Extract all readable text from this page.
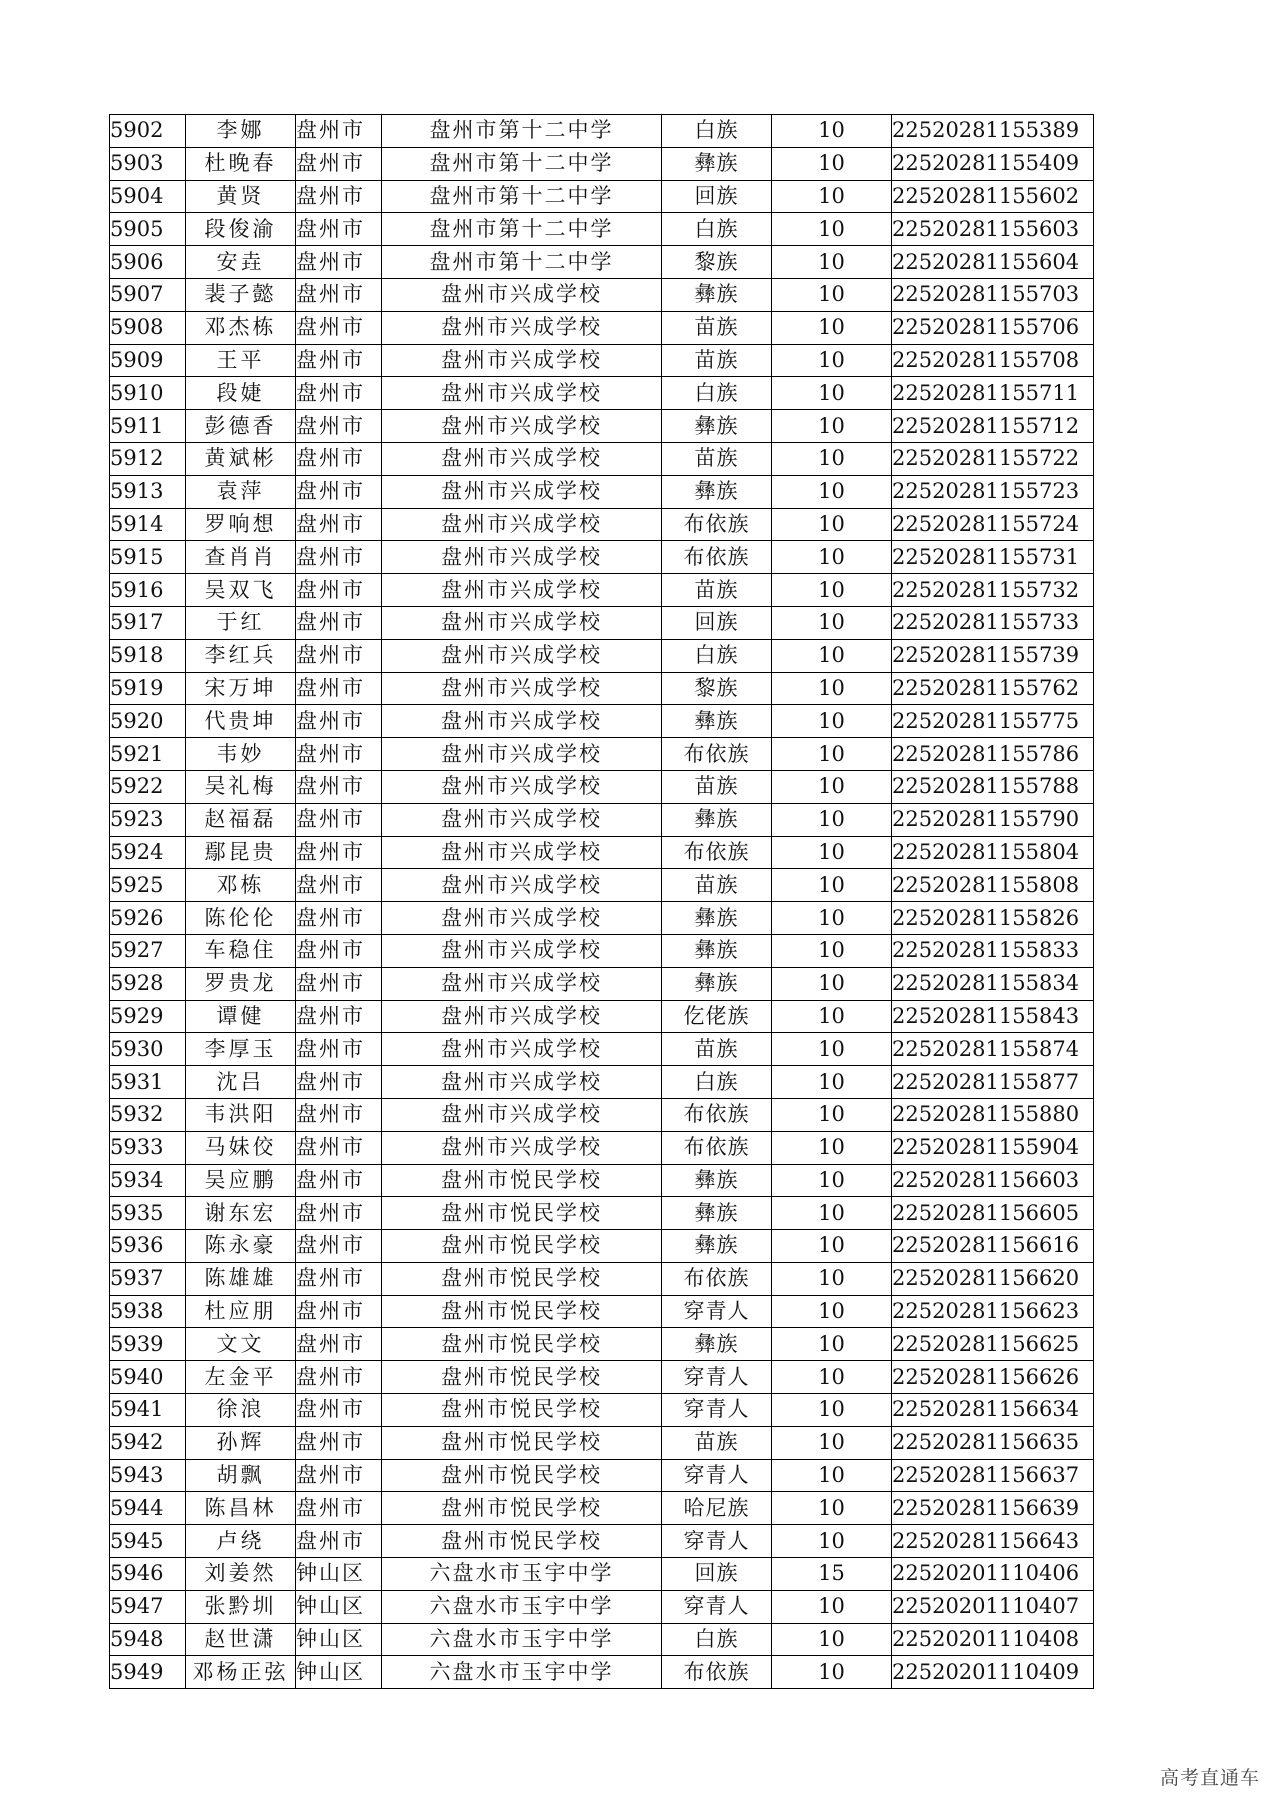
5902	李娜	盘州市	盘州市第十二中学	白族	10	22520281155389
5903	杜晚春	盘州市	盘州市第十二中学	彝族	10	22520281155409
5904	黄贤	盘州市	盘州市第十二中学	回族	10	22520281155602
5905	段俊渝	盘州市	盘州市第十二中学	白族	10	22520281155603
5906	安垚	盘州市	盘州市第十二中学	黎族	10	22520281155604
5907	裴子懿	盘州市	盘州市兴成学校	彝族	10	22520281155703
5908	邓杰栋	盘州市	盘州市兴成学校	苗族	10	22520281155706
5909	王平	盘州市	盘州市兴成学校	苗族	10	22520281155708
5910	段婕	盘州市	盘州市兴成学校	白族	10	22520281155711
5911	彭德香	盘州市	盘州市兴成学校	彝族	10	22520281155712
5912	黄斌彬	盘州市	盘州市兴成学校	苗族	10	22520281155722
5913	袁萍	盘州市	盘州市兴成学校	彝族	10	22520281155723
5914	罗响想	盘州市	盘州市兴成学校	布依族	10	22520281155724
5915	查肖肖	盘州市	盘州市兴成学校	布依族	10	22520281155731
5916	吴双飞	盘州市	盘州市兴成学校	苗族	10	22520281155732
5917	于红	盘州市	盘州市兴成学校	回族	10	22520281155733
5918	李红兵	盘州市	盘州市兴成学校	白族	10	22520281155739
5919	宋万坤	盘州市	盘州市兴成学校	黎族	10	22520281155762
5920	代贵坤	盘州市	盘州市兴成学校	彝族	10	22520281155775
5921	韦妙	盘州市	盘州市兴成学校	布依族	10	22520281155786
5922	吴礼梅	盘州市	盘州市兴成学校	苗族	10	22520281155788
5923	赵福磊	盘州市	盘州市兴成学校	彝族	10	22520281155790
5924	鄢昆贵	盘州市	盘州市兴成学校	布依族	10	22520281155804
5925	邓栋	盘州市	盘州市兴成学校	苗族	10	22520281155808
5926	陈伦伦	盘州市	盘州市兴成学校	彝族	10	22520281155826
5927	车稳住	盘州市	盘州市兴成学校	彝族	10	22520281155833
5928	罗贵龙	盘州市	盘州市兴成学校	彝族	10	22520281155834
5929	谭健	盘州市	盘州市兴成学校	仡佬族	10	22520281155843
5930	李厚玉	盘州市	盘州市兴成学校	苗族	10	22520281155874
5931	沈吕	盘州市	盘州市兴成学校	白族	10	22520281155877
5932	韦洪阳	盘州市	盘州市兴成学校	布依族	10	22520281155880
5933	马妹佼	盘州市	盘州市兴成学校	布依族	10	22520281155904
5934	吴应鹏	盘州市	盘州市悦民学校	彝族	10	22520281156603
5935	谢东宏	盘州市	盘州市悦民学校	彝族	10	22520281156605
5936	陈永豪	盘州市	盘州市悦民学校	彝族	10	22520281156616
5937	陈雄雄	盘州市	盘州市悦民学校	布依族	10	22520281156620
5938	杜应朋	盘州市	盘州市悦民学校	穿青人	10	22520281156623
5939	文文	盘州市	盘州市悦民学校	彝族	10	22520281156625
5940	左金平	盘州市	盘州市悦民学校	穿青人	10	22520281156626
5941	徐浪	盘州市	盘州市悦民学校	穿青人	10	22520281156634
5942	孙辉	盘州市	盘州市悦民学校	苗族	10	22520281156635
5943	胡飘	盘州市	盘州市悦民学校	穿青人	10	22520281156637
5944	陈昌林	盘州市	盘州市悦民学校	哈尼族	10	22520281156639
5945	卢绕	盘州市	盘州市悦民学校	穿青人	10	22520281156643
5946	刘姜然	钟山区	六盘水市玉宇中学	回族	15	22520201110406
5947	张黔圳	钟山区	六盘水市玉宇中学	穿青人	10	22520201110407
5948	赵世潇	钟山区	六盘水市玉宇中学	白族	10	22520201110408
5949	邓杨正弦	钟山区	六盘水市玉宇中学	布依族	10	22520201110409
高考直通车
